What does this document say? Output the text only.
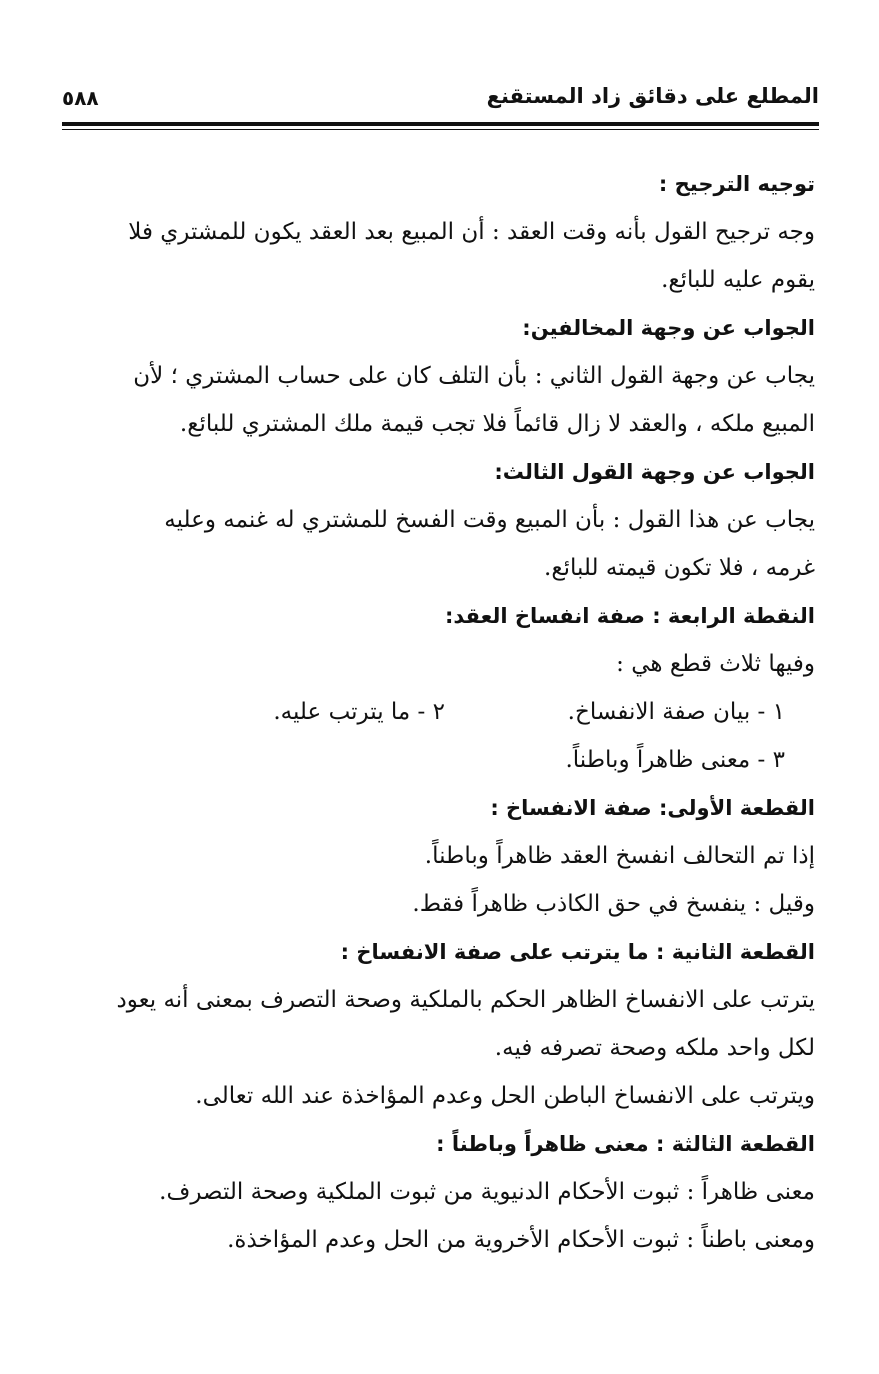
المطلع على دقائق زاد المستقنع
٥٨٨
توجيه الترجيح :
وجه ترجيح القول بأنه وقت العقد : أن المبيع بعد العقد يكون للمشتري فلا
يقوم عليه للبائع.
الجواب عن وجهة المخالفين:
يجاب عن وجهة القول الثاني : بأن التلف كان على حساب المشتري ؛ لأن
المبيع ملكه ، والعقد لا زال قائماً فلا تجب قيمة ملك المشتري للبائع.
الجواب عن وجهة القول الثالث:
يجاب عن هذا القول : بأن المبيع وقت الفسخ للمشتري له غنمه وعليه
غرمه ، فلا تكون قيمته للبائع.
النقطة الرابعة : صفة انفساخ العقد:
وفيها ثلاث قطع هي :
١ - بيان صفة الانفساخ.
٢ - ما يترتب عليه.
٣ - معنى ظاهراً وباطناً.
القطعة الأولى: صفة الانفساخ :
إذا تم التحالف انفسخ العقد ظاهراً وباطناً.
وقيل : ينفسخ في حق الكاذب ظاهراً فقط.
القطعة الثانية : ما يترتب على صفة الانفساخ :
يترتب على الانفساخ الظاهر الحكم بالملكية وصحة التصرف بمعنى أنه يعود
لكل واحد ملكه وصحة تصرفه فيه.
ويترتب على الانفساخ الباطن الحل وعدم المؤاخذة عند الله تعالى.
القطعة الثالثة : معنى ظاهراً وباطناً :
معنى ظاهراً : ثبوت الأحكام الدنيوية من ثبوت الملكية وصحة التصرف.
ومعنى باطناً : ثبوت الأحكام الأخروية من الحل وعدم المؤاخذة.
